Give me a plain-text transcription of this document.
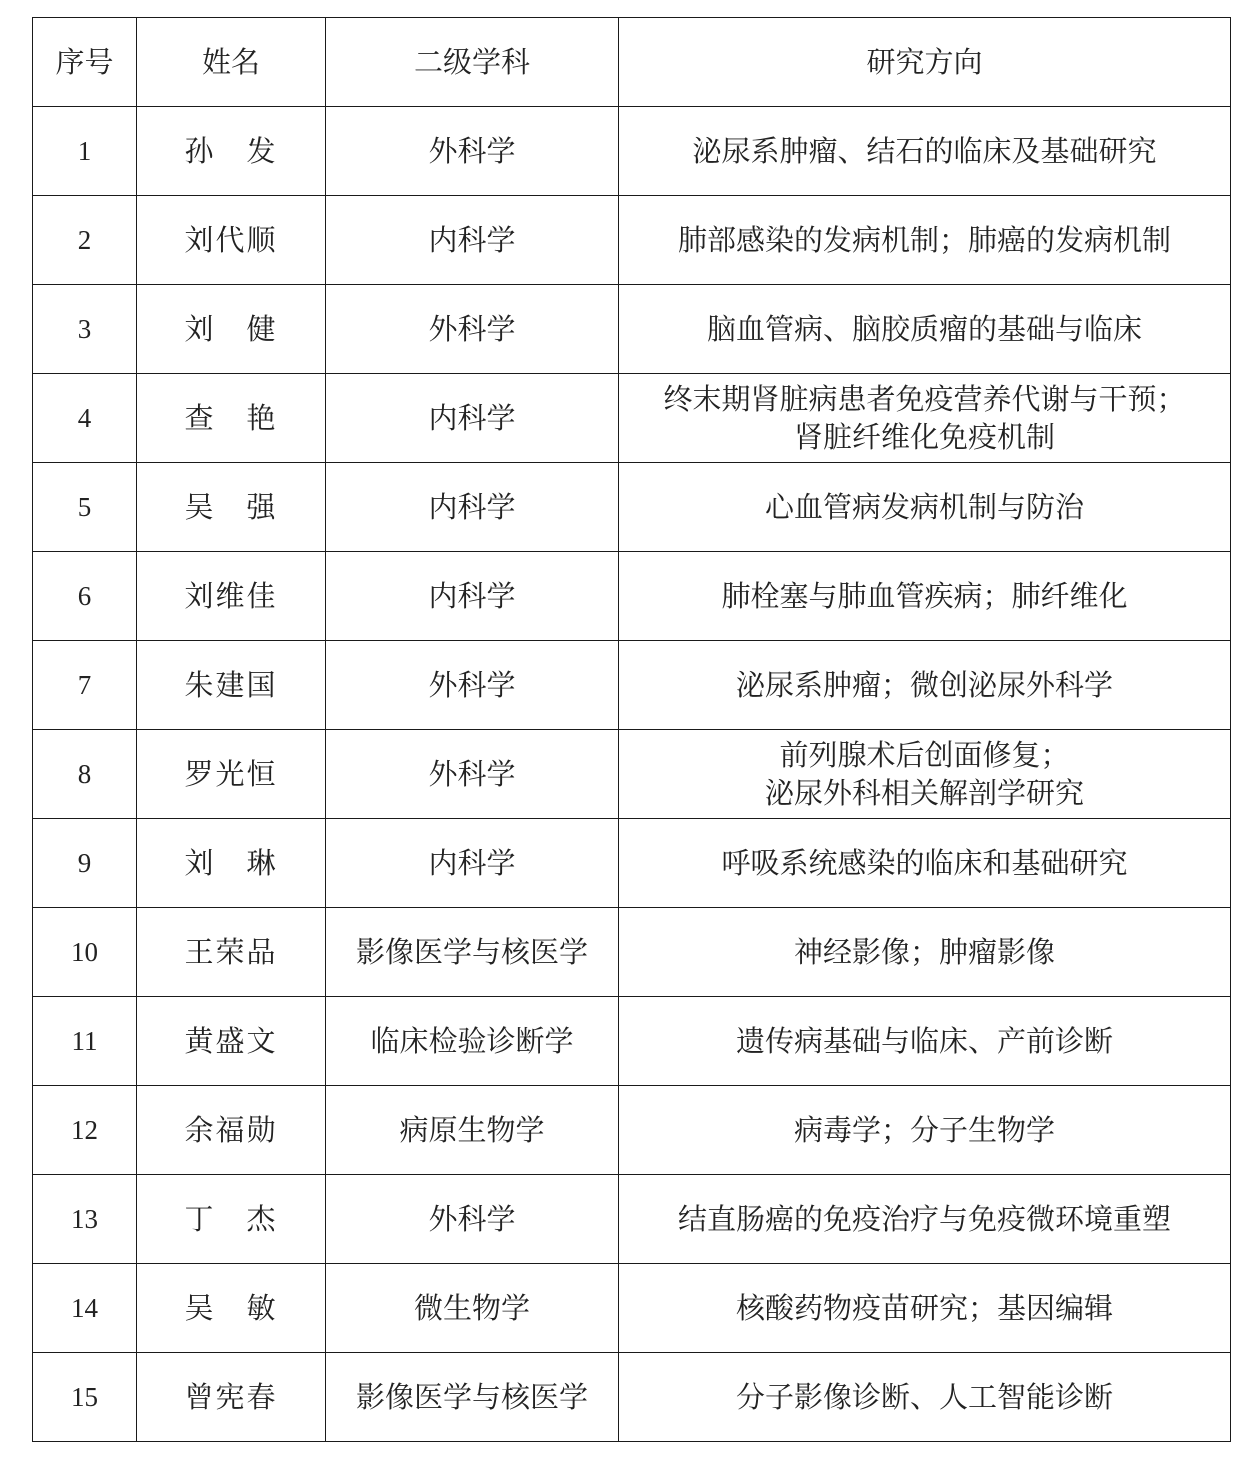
序号	姓名	二级学科	研究方向
1	孙　发	外科学	泌尿系肿瘤、结石的临床及基础研究

2	刘代顺	内科学	肺部感染的发病机制；肺癌的发病机制

3	刘　健	外科学	脑血管病、脑胶质瘤的基础与临床

4	查　艳	内科学	终末期肾脏病患者免疫营养代谢与干预；
肾脏纤维化免疫机制

5	吴　强	内科学	心血管病发病机制与防治

6	刘维佳	内科学	肺栓塞与肺血管疾病；肺纤维化

7	朱建国	外科学	泌尿系肿瘤；微创泌尿外科学

8	罗光恒	外科学	前列腺术后创面修复；
泌尿外科相关解剖学研究

9	刘　琳	内科学	呼吸系统感染的临床和基础研究

10	王荣品	影像医学与核医学	神经影像；肿瘤影像

11	黄盛文	临床检验诊断学	遗传病基础与临床、产前诊断

12	余福勋	病原生物学	病毒学；分子生物学

13	丁　杰	外科学	结直肠癌的免疫治疗与免疫微环境重塑

14	吴　敏	微生物学	核酸药物疫苗研究；基因编辑

15	曾宪春	影像医学与核医学	分子影像诊断、人工智能诊断
